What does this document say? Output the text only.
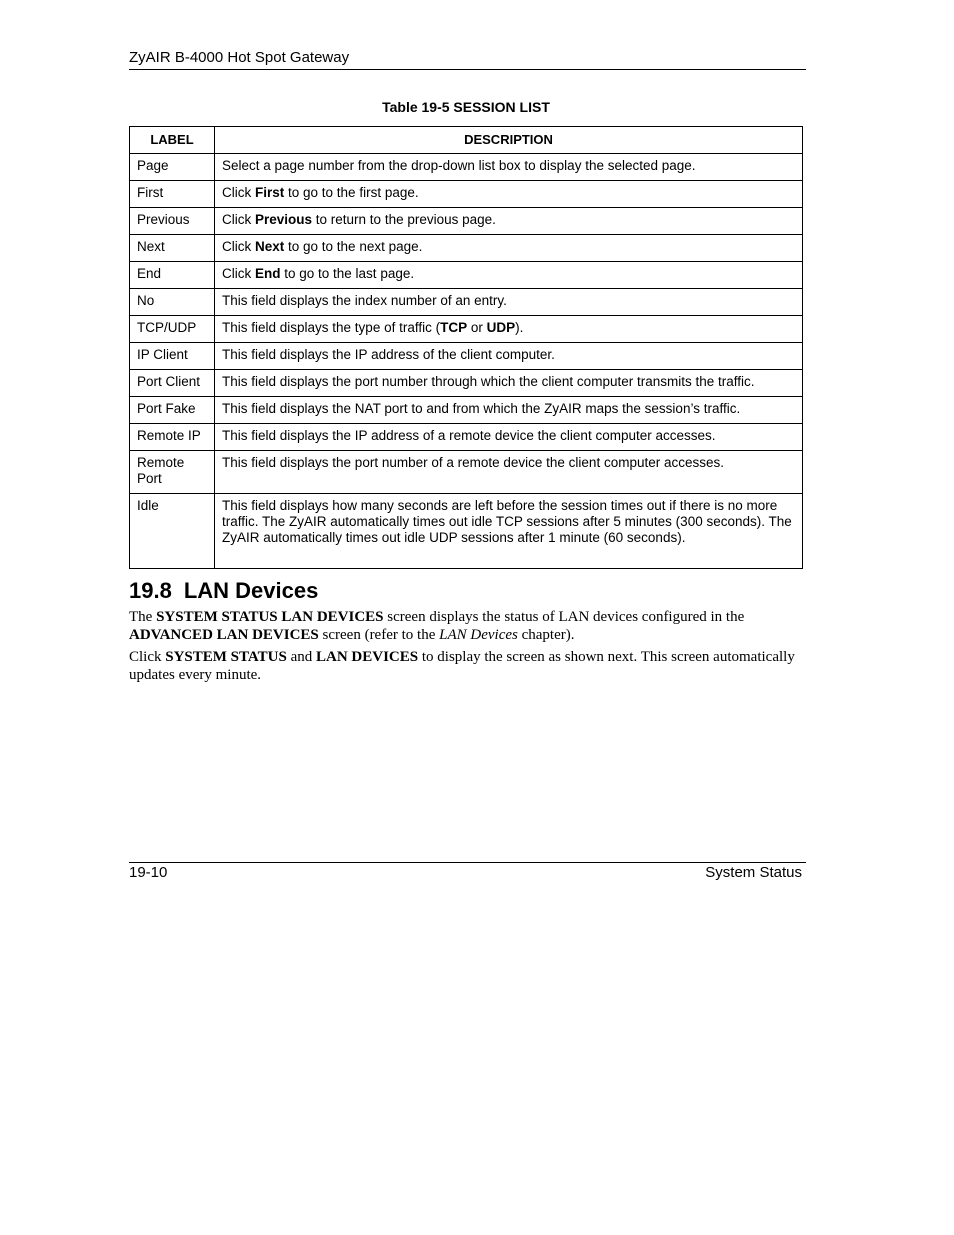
ZyAIR B-4000 Hot Spot Gateway
Table 19-5 SESSION LIST
LABEL	DESCRIPTION
Page	Select a page number from the drop-down list box to display the selected page.
First	Click First to go to the first page.
Previous	Click Previous to return to the previous page.
Next	Click Next to go to the next page.
End	Click End to go to the last page.
No	This field displays the index number of an entry.
TCP/UDP	This field displays the type of traffic (TCP or UDP).
IP Client	This field displays the IP address of the client computer.
Port Client	This field displays the port number through which the client computer transmits the traffic.
Port Fake	This field displays the NAT port to and from which the ZyAIR maps the session’s traffic.
Remote IP	This field displays the IP address of a remote device the client computer accesses.
Remote Port	This field displays the port number of a remote device the client computer accesses.
Idle	This field displays how many seconds are left before the session times out if there is no more traffic. The ZyAIR automatically times out idle TCP sessions after 5 minutes (300 seconds). The ZyAIR automatically times out idle UDP sessions after 1 minute (60 seconds).
19.8 LAN Devices

The SYSTEM STATUS LAN DEVICES screen displays the status of LAN devices configured in the ADVANCED LAN DEVICES screen (refer to the LAN Devices chapter).

Click SYSTEM STATUS and LAN DEVICES to display the screen as shown next. This screen automatically updates every minute.

19-10	System Status
